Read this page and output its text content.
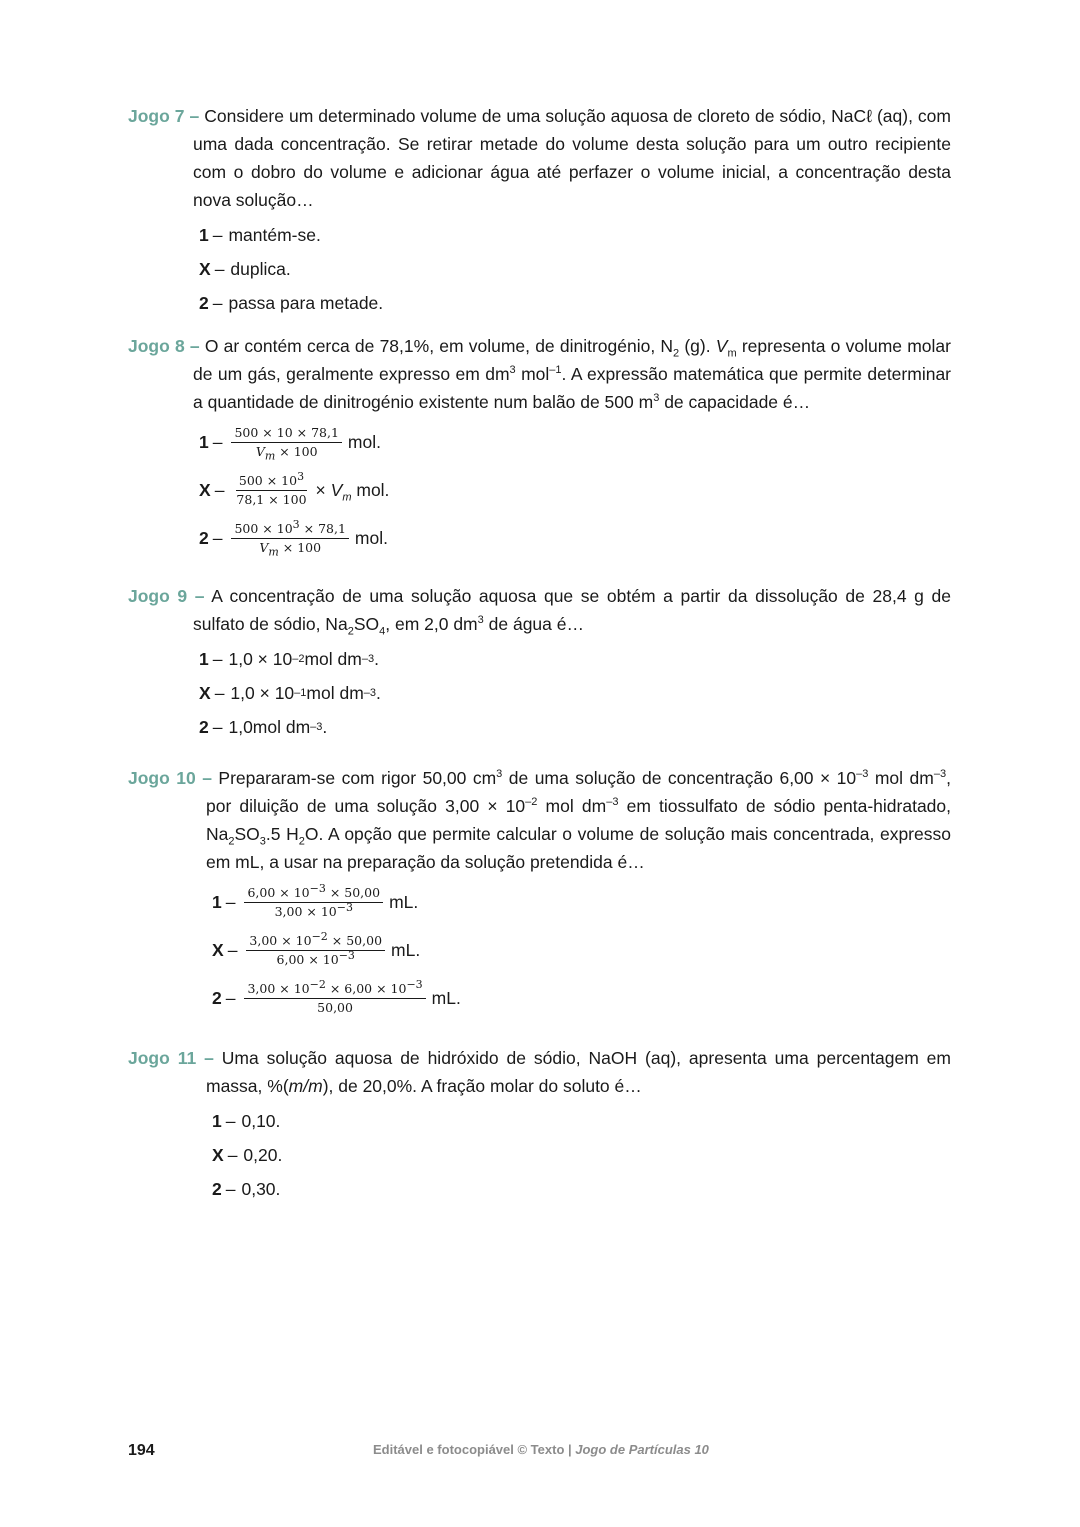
Jogo 7 – Considere um determinado volume de uma solução aquosa de cloreto de sódio, NaCℓ (aq), com uma dada concentração. Se retirar metade do volume desta solução para um outro recipiente com o dobro do volume e adicionar água até perfazer o volume inicial, a concentração desta nova solução…
1 – mantém-se.
X – duplica.
2 – passa para metade.
Jogo 8 – O ar contém cerca de 78,1%, em volume, de dinitrogénio, $N_2$ (g). $V_m$ representa o volume molar de um gás, geralmente expresso em $dm^3$ mol$^{-1}$. A expressão matemática que permite determinar a quantidade de dinitrogénio existente num balão de 500 $m^3$ de capacidade é…
$1 - \frac{500 \times 10 \times 78,1}{V_m \times 100}$ mol.
$X - \frac{500 \times 10^3}{78,1 \times 100} \times V_m$ mol.
$2 - \frac{500 \times 10^3 \times 78,1}{V_m \times 100}$ mol.
Jogo 9 – A concentração de uma solução aquosa que se obtém a partir da dissolução de 28,4 g de sulfato de sódio, $Na_2SO_4$, em 2,0 $dm^3$ de água é…
1 – 1,0 × 10 –2 mol dm –3 .
X – 1,0 × 10 –1 mol dm –3 .
2 – 1,0 mol dm –3 .
Jogo 10 – Prepararam-se com rigor 50,00 $cm^3$ de uma solução de concentração $6,00 \times 10^{-3}$ mol $dm^{-3}$, por diluição de uma solução $3,00 \times 10^{-2}$ mol $dm^{-3}$ em tiossulfato de sódio penta-hidratado, $Na_2SO_3.5$ $H_2O$. A opção que permite calcular o volume de solução mais concentrada, expresso em mL, a usar na preparação da solução pretendida é…
$1 - \frac{6,00 \times 10^{-3} \times 50,00}{3,00 \times 10^{-3}}$ mL.
X – $\frac{3,00 \times 10^{-2} \times 50,00}{6,00 \times 10^{-3}}$ mL.
$2 - \frac{3,00 \times 10^{-2} \times 6,00 \times 10^{-3}}{50,00}$ mL.
Jogo 11 – Uma solução aquosa de hidróxido de sódio, NaOH (aq), apresenta uma percentagem em massa, %(m/m), de 20,0%. A fração molar do soluto é…
1 – 0,10.
X – 0,20.
2 – 0,30.
194	Editável e fotocopiável © Texto | Jogo de Partículas 10
